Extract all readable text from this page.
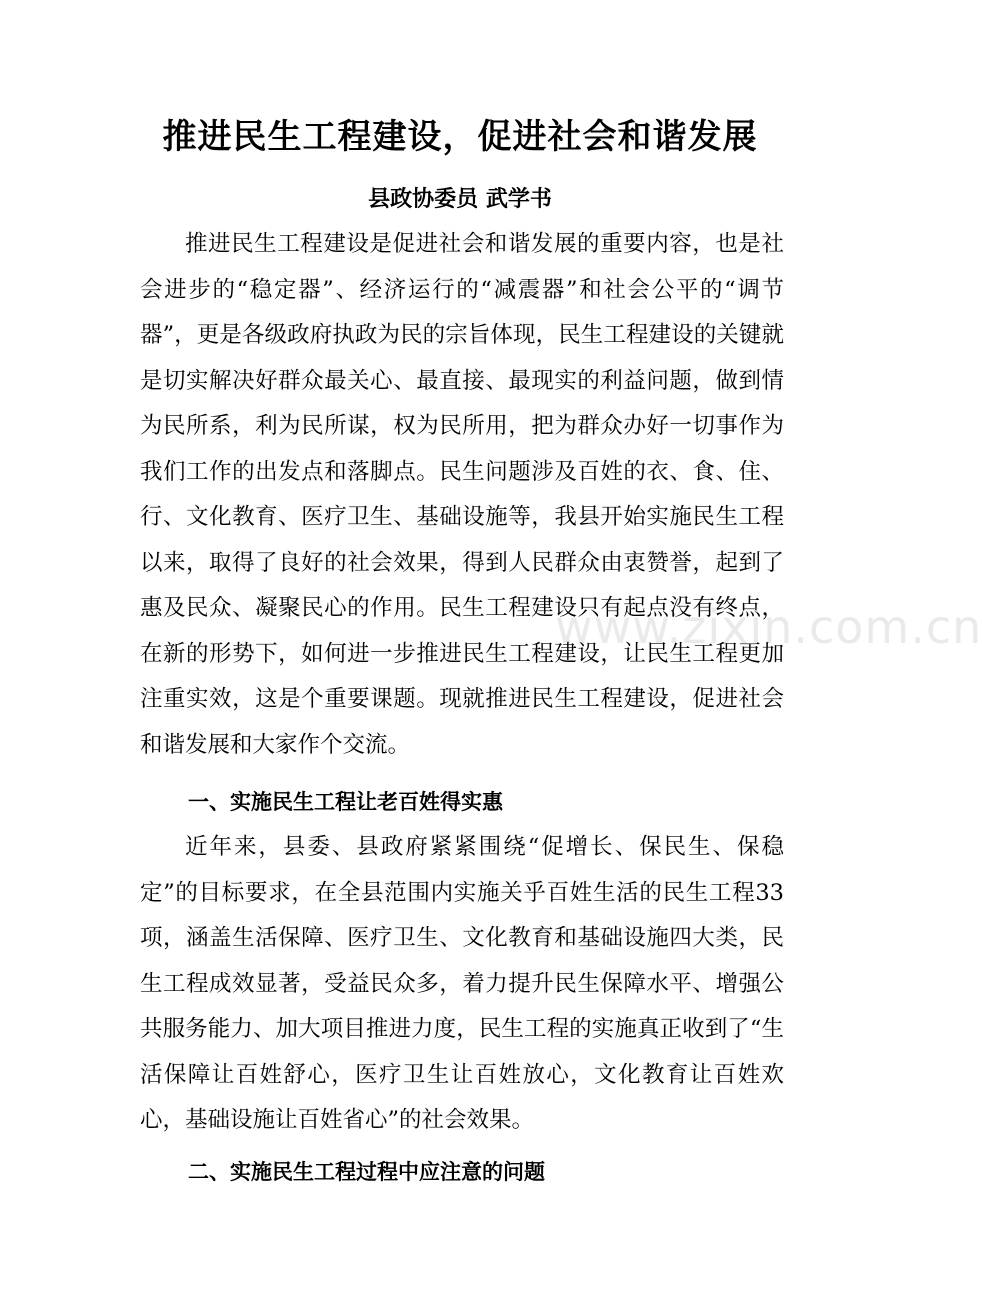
推进民生工程建设，促进社会和谐发展
县政协委员 武学书

推进民生工程建设是促进社会和谐发展的重要内容，也是社会进步的“稳定器”、经济运行的“减震器”和社会公平的“调节器”，更是各级政府执政为民的宗旨体现，民生工程建设的关键就是切实解决好群众最关心、最直接、最现实的利益问题，做到情为民所系，利为民所谋，权为民所用，把为群众办好一切事作为我们工作的出发点和落脚点。民生问题涉及百姓的衣、食、住、行、文化教育、医疗卫生、基础设施等，我县开始实施民生工程以来，取得了良好的社会效果，得到人民群众由衷赞誉，起到了惠及民众、凝聚民心的作用。民生工程建设只有起点没有终点，在新的形势下，如何进一步推进民生工程建设，让民生工程更加注重实效，这是个重要课题。现就推进民生工程建设，促进社会和谐发展和大家作个交流。

一、实施民生工程让老百姓得实惠

近年来，县委、县政府紧紧围绕“促增长、保民生、保稳定”的目标要求，在全县范围内实施关乎百姓生活的民生工程33项，涵盖生活保障、医疗卫生、文化教育和基础设施四大类，民生工程成效显著，受益民众多，着力提升民生保障水平、增强公共服务能力、加大项目推进力度，民生工程的实施真正收到了“生活保障让百姓舒心，医疗卫生让百姓放心，文化教育让百姓欢心，基础设施让百姓省心”的社会效果。

二、实施民生工程过程中应注意的问题

www.zixin.com.cn
